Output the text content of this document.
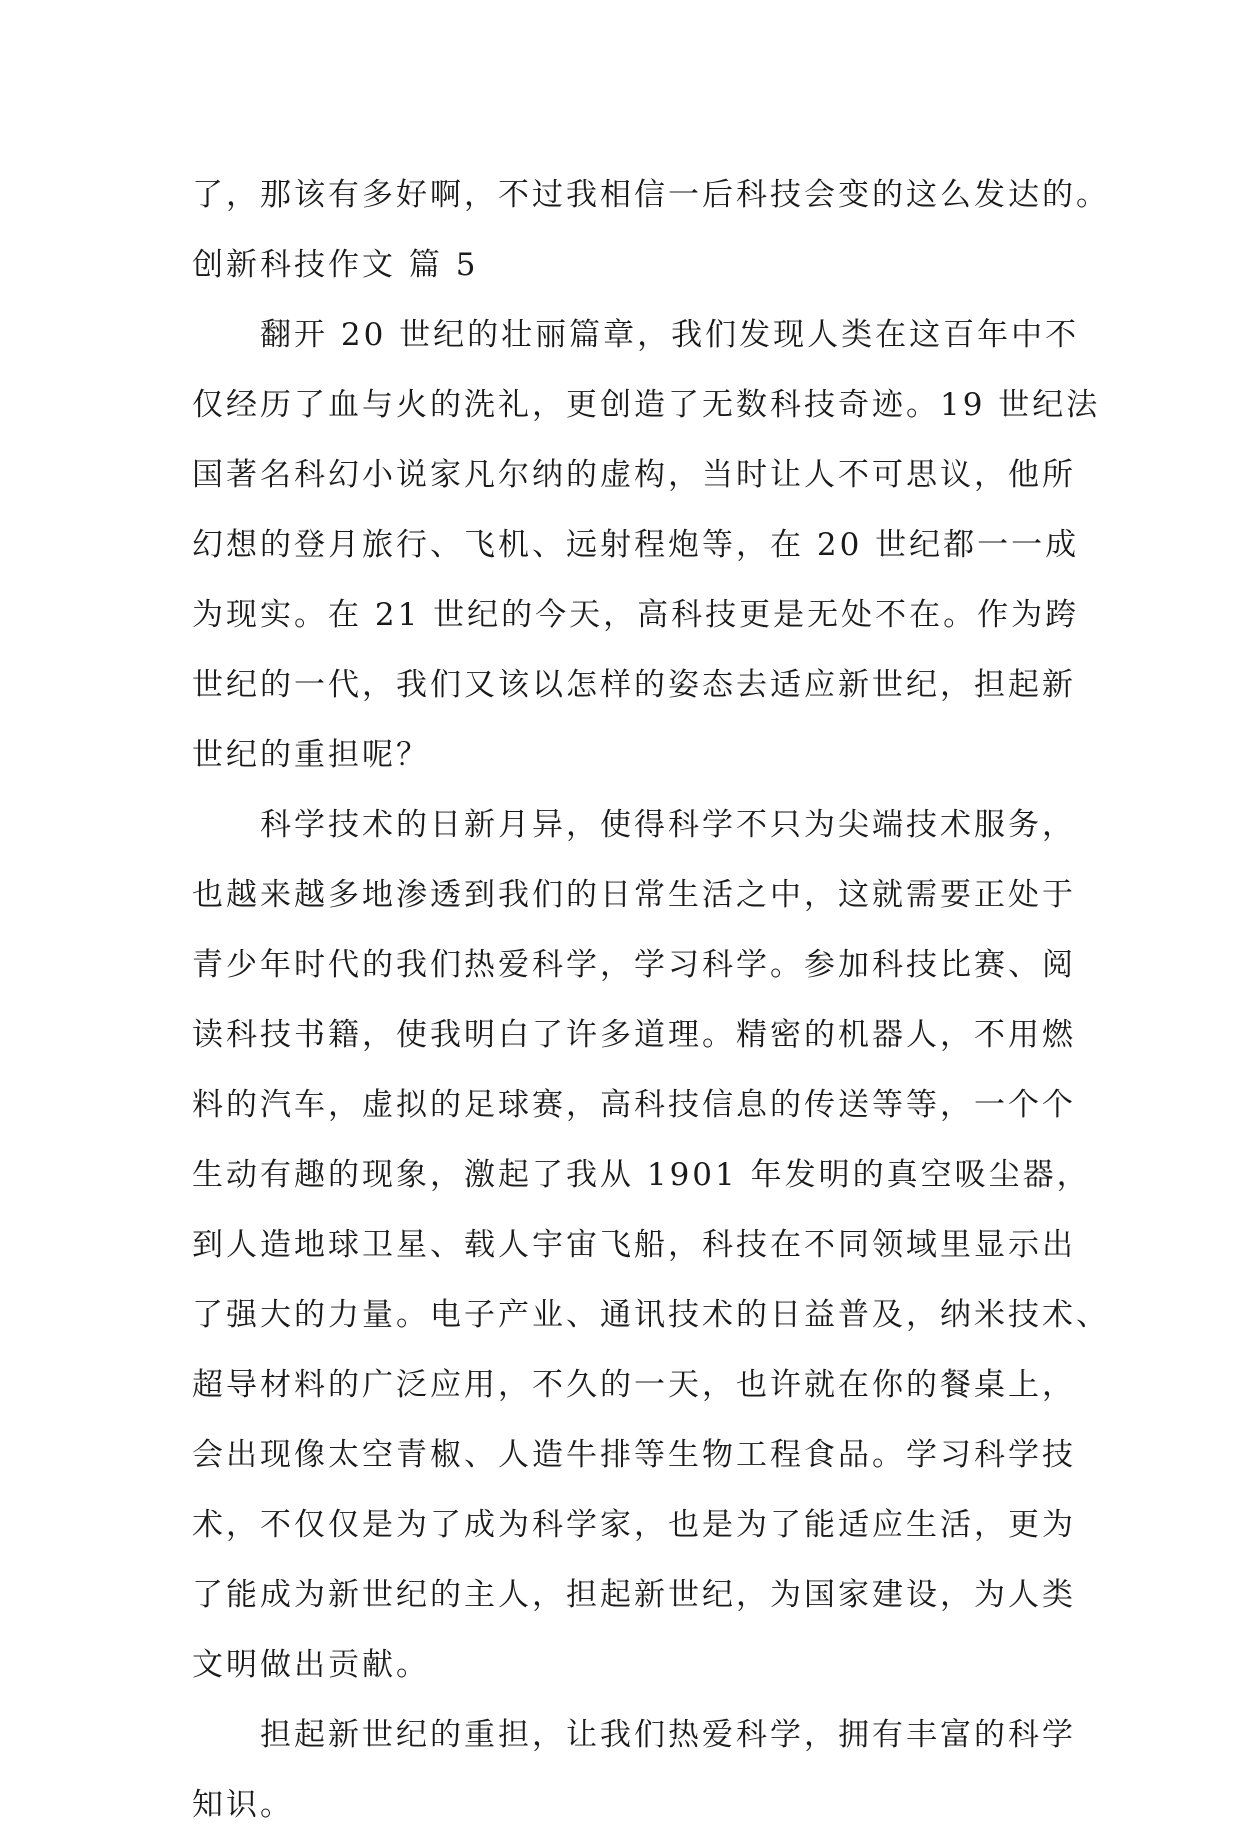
了，那该有多好啊，不过我相信一后科技会变的这么发达的。
创新科技作文 篇 5
　　翻开 20 世纪的壮丽篇章，我们发现人类在这百年中不
仅经历了血与火的洗礼，更创造了无数科技奇迹。19 世纪法
国著名科幻小说家凡尔纳的虚构，当时让人不可思议，他所
幻想的登月旅行、飞机、远射程炮等，在 20 世纪都一一成
为现实。在 21 世纪的今天，高科技更是无处不在。作为跨
世纪的一代，我们又该以怎样的姿态去适应新世纪，担起新
世纪的重担呢？
　　科学技术的日新月异，使得科学不只为尖端技术服务，
也越来越多地渗透到我们的日常生活之中，这就需要正处于
青少年时代的我们热爱科学，学习科学。参加科技比赛、阅
读科技书籍，使我明白了许多道理。精密的机器人，不用燃
料的汽车，虚拟的足球赛，高科技信息的传送等等，一个个
生动有趣的现象，激起了我从 1901 年发明的真空吸尘器，
到人造地球卫星、载人宇宙飞船，科技在不同领域里显示出
了强大的力量。电子产业、通讯技术的日益普及，纳米技术、
超导材料的广泛应用，不久的一天，也许就在你的餐桌上，
会出现像太空青椒、人造牛排等生物工程食品。学习科学技
术，不仅仅是为了成为科学家，也是为了能适应生活，更为
了能成为新世纪的主人，担起新世纪，为国家建设，为人类
文明做出贡献。
　　担起新世纪的重担，让我们热爱科学，拥有丰富的科学
知识。
